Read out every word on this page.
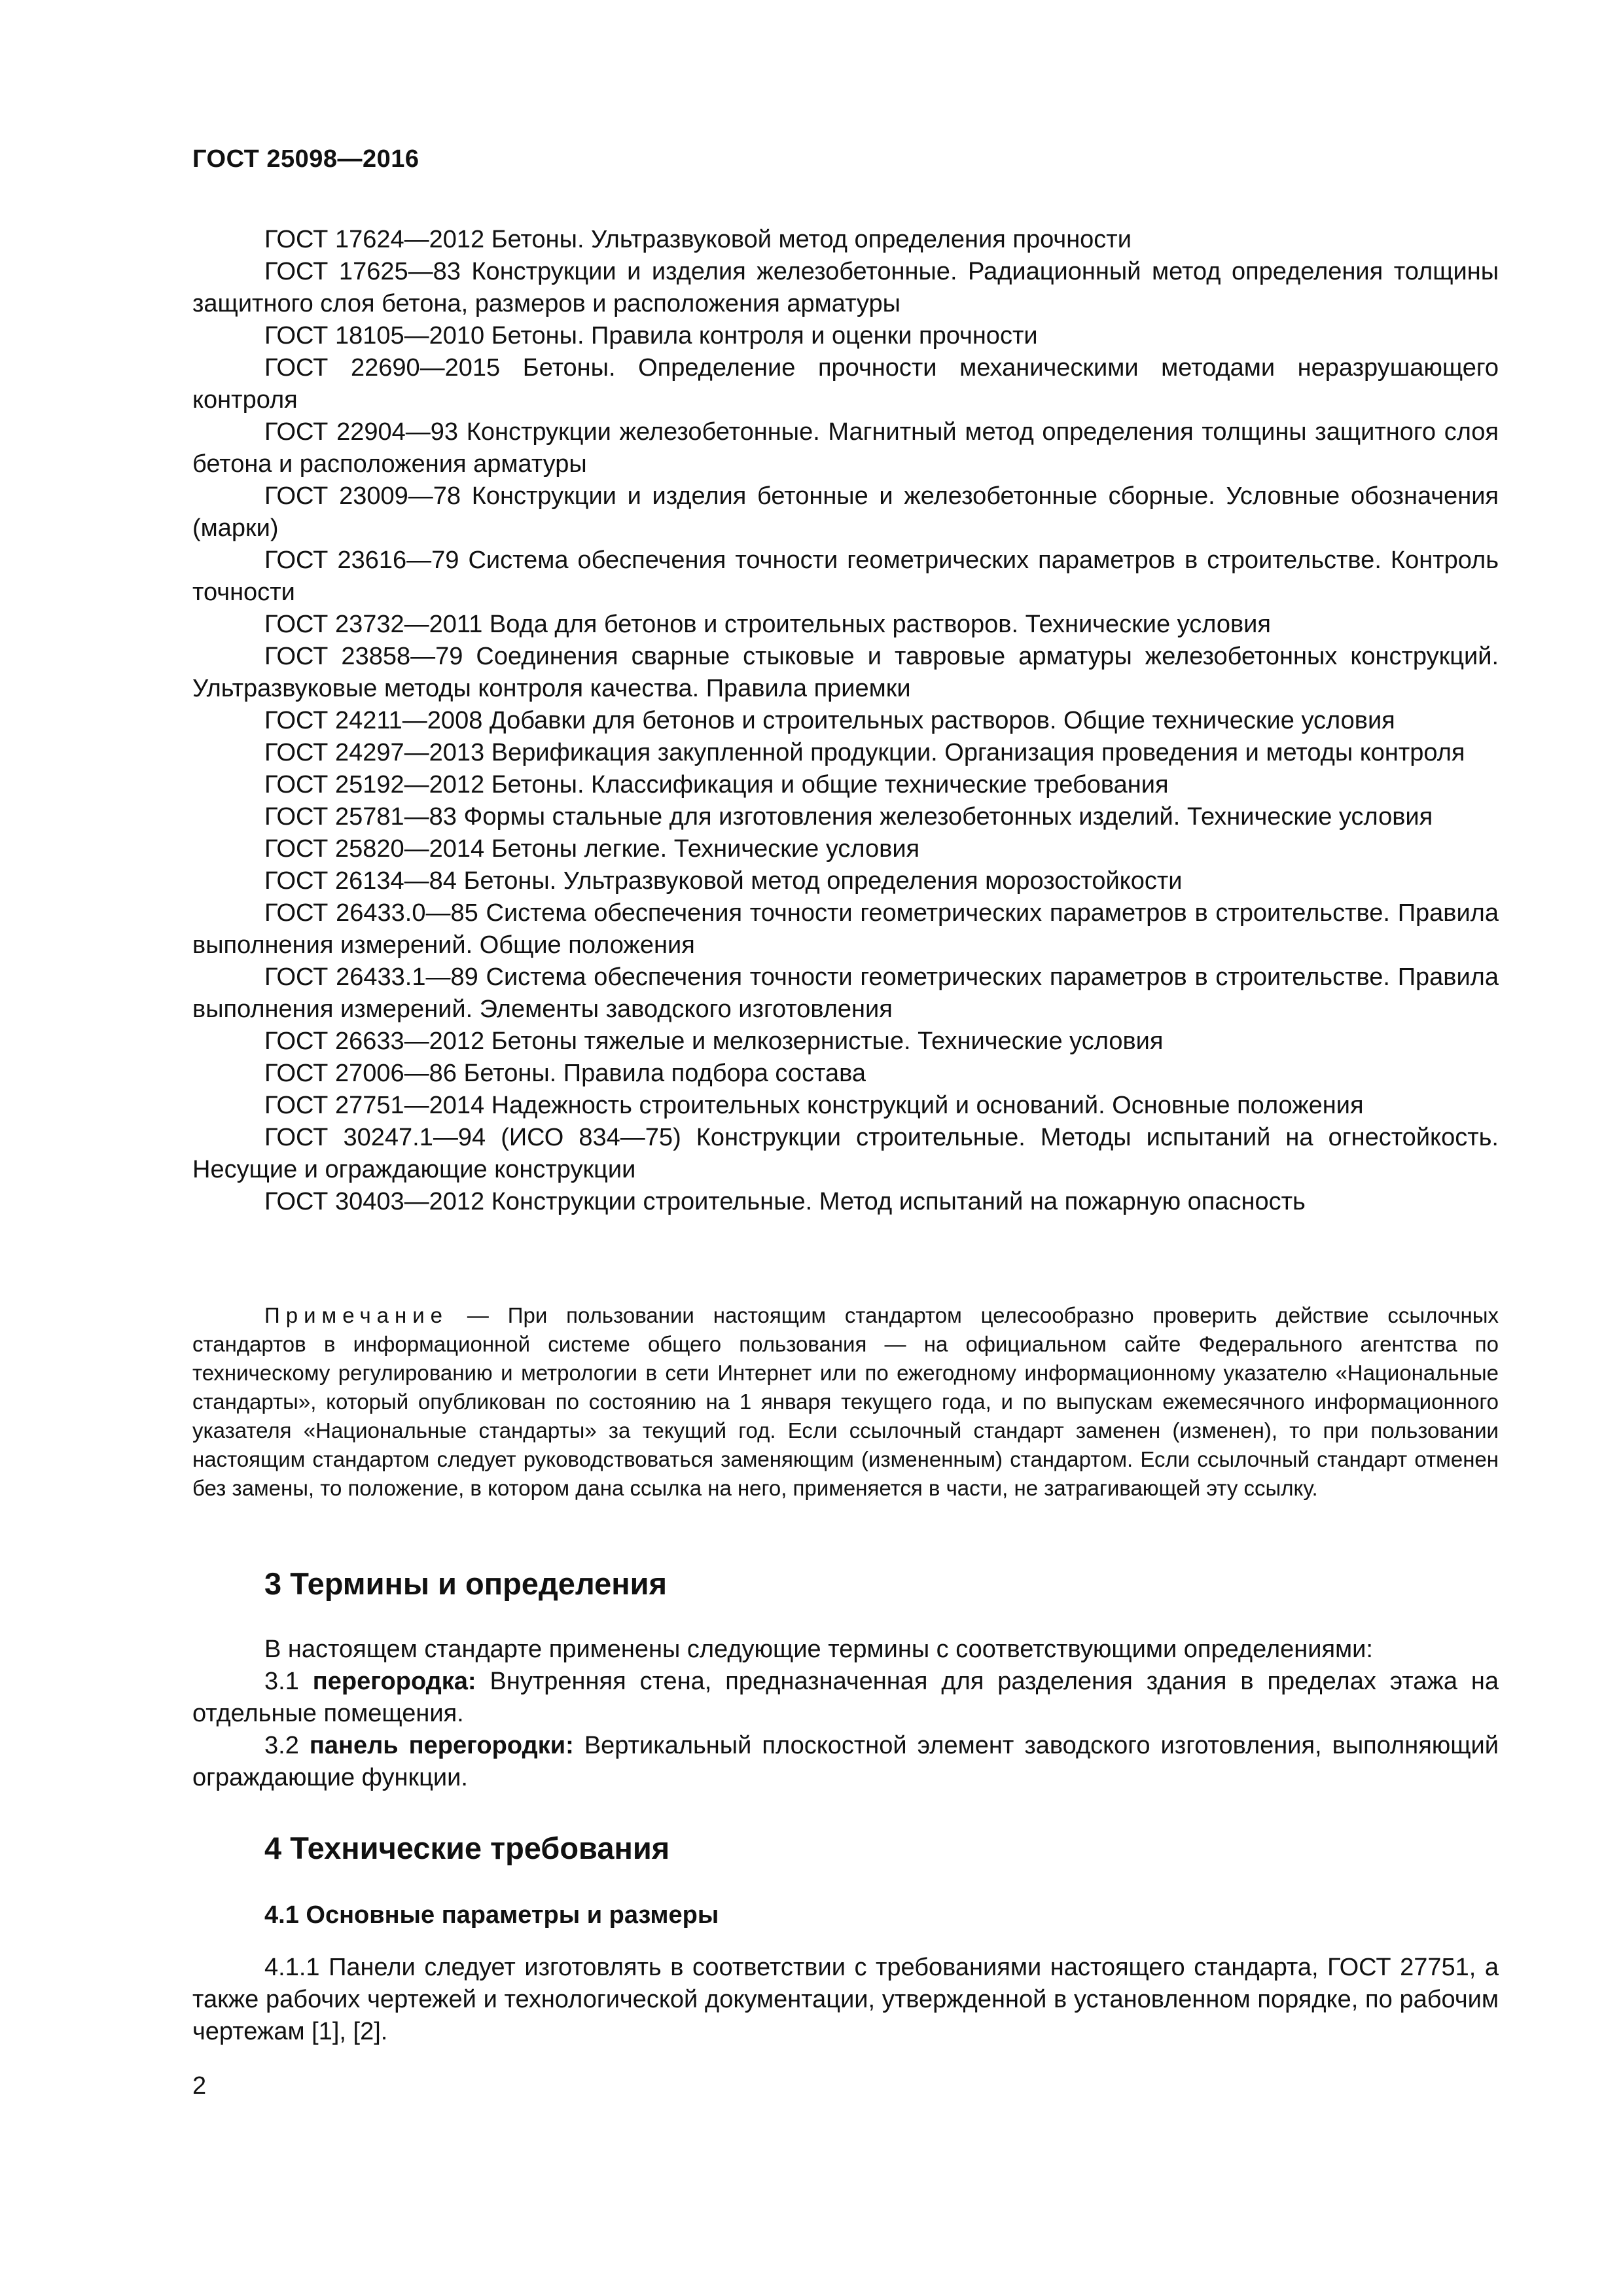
ГОСТ 25098—2016

ГОСТ 17624—2012 Бетоны. Ультразвуковой метод определения прочности

ГОСТ 17625—83 Конструкции и изделия железобетонные. Радиационный метод определения толщины защитного слоя бетона, размеров и расположения арматуры

ГОСТ 18105—2010 Бетоны. Правила контроля и оценки прочности

ГОСТ 22690—2015 Бетоны. Определение прочности механическими методами неразрушающего контроля

ГОСТ 22904—93 Конструкции железобетонные. Магнитный метод определения толщины защитного слоя бетона и расположения арматуры

ГОСТ 23009—78 Конструкции и изделия бетонные и железобетонные сборные. Условные обозначения (марки)

ГОСТ 23616—79 Система обеспечения точности геометрических параметров в строительстве. Контроль точности

ГОСТ 23732—2011 Вода для бетонов и строительных растворов. Технические условия

ГОСТ 23858—79 Соединения сварные стыковые и тавровые арматуры железобетонных конструкций. Ультразвуковые методы контроля качества. Правила приемки

ГОСТ 24211—2008 Добавки для бетонов и строительных растворов. Общие технические условия

ГОСТ 24297—2013 Верификация закупленной продукции. Организация проведения и методы контроля

ГОСТ 25192—2012 Бетоны. Классификация и общие технические требования

ГОСТ 25781—83 Формы стальные для изготовления железобетонных изделий. Технические условия

ГОСТ 25820—2014 Бетоны легкие. Технические условия

ГОСТ 26134—84 Бетоны. Ультразвуковой метод определения морозостойкости

ГОСТ 26433.0—85 Система обеспечения точности геометрических параметров в строительстве. Правила выполнения измерений. Общие положения

ГОСТ 26433.1—89 Система обеспечения точности геометрических параметров в строительстве. Правила выполнения измерений. Элементы заводского изготовления

ГОСТ 26633—2012 Бетоны тяжелые и мелкозернистые. Технические условия

ГОСТ 27006—86 Бетоны. Правила подбора состава

ГОСТ 27751—2014 Надежность строительных конструкций и оснований. Основные положения

ГОСТ 30247.1—94 (ИСО 834—75) Конструкции строительные. Методы испытаний на огнестойкость. Несущие и ограждающие конструкции

ГОСТ 30403—2012 Конструкции строительные. Метод испытаний на пожарную опасность

Примечание — При пользовании настоящим стандартом целесообразно проверить действие ссылочных стандартов в информационной системе общего пользования — на официальном сайте Федерального агентства по техническому регулированию и метрологии в сети Интернет или по ежегодному информационному указателю «Национальные стандарты», который опубликован по состоянию на 1 января текущего года, и по выпускам ежемесячного информационного указателя «Национальные стандарты» за текущий год. Если ссылочный стандарт заменен (изменен), то при пользовании настоящим стандартом следует руководствоваться заменяющим (измененным) стандартом. Если ссылочный стандарт отменен без замены, то положение, в котором дана ссылка на него, применяется в части, не затрагивающей эту ссылку.
3 Термины и определения

В настоящем стандарте применены следующие термины с соответствующими определениями:

3.1 перегородка: Внутренняя стена, предназначенная для разделения здания в пределах этажа на отдельные помещения.

3.2 панель перегородки: Вертикальный плоскостной элемент заводского изготовления, выполняющий ограждающие функции.

4 Технические требования
4.1 Основные параметры и размеры

4.1.1 Панели следует изготовлять в соответствии с требованиями настоящего стандарта, ГОСТ 27751, а также рабочих чертежей и технологической документации, утвержденной в установленном порядке, по рабочим чертежам [1], [2].

2
